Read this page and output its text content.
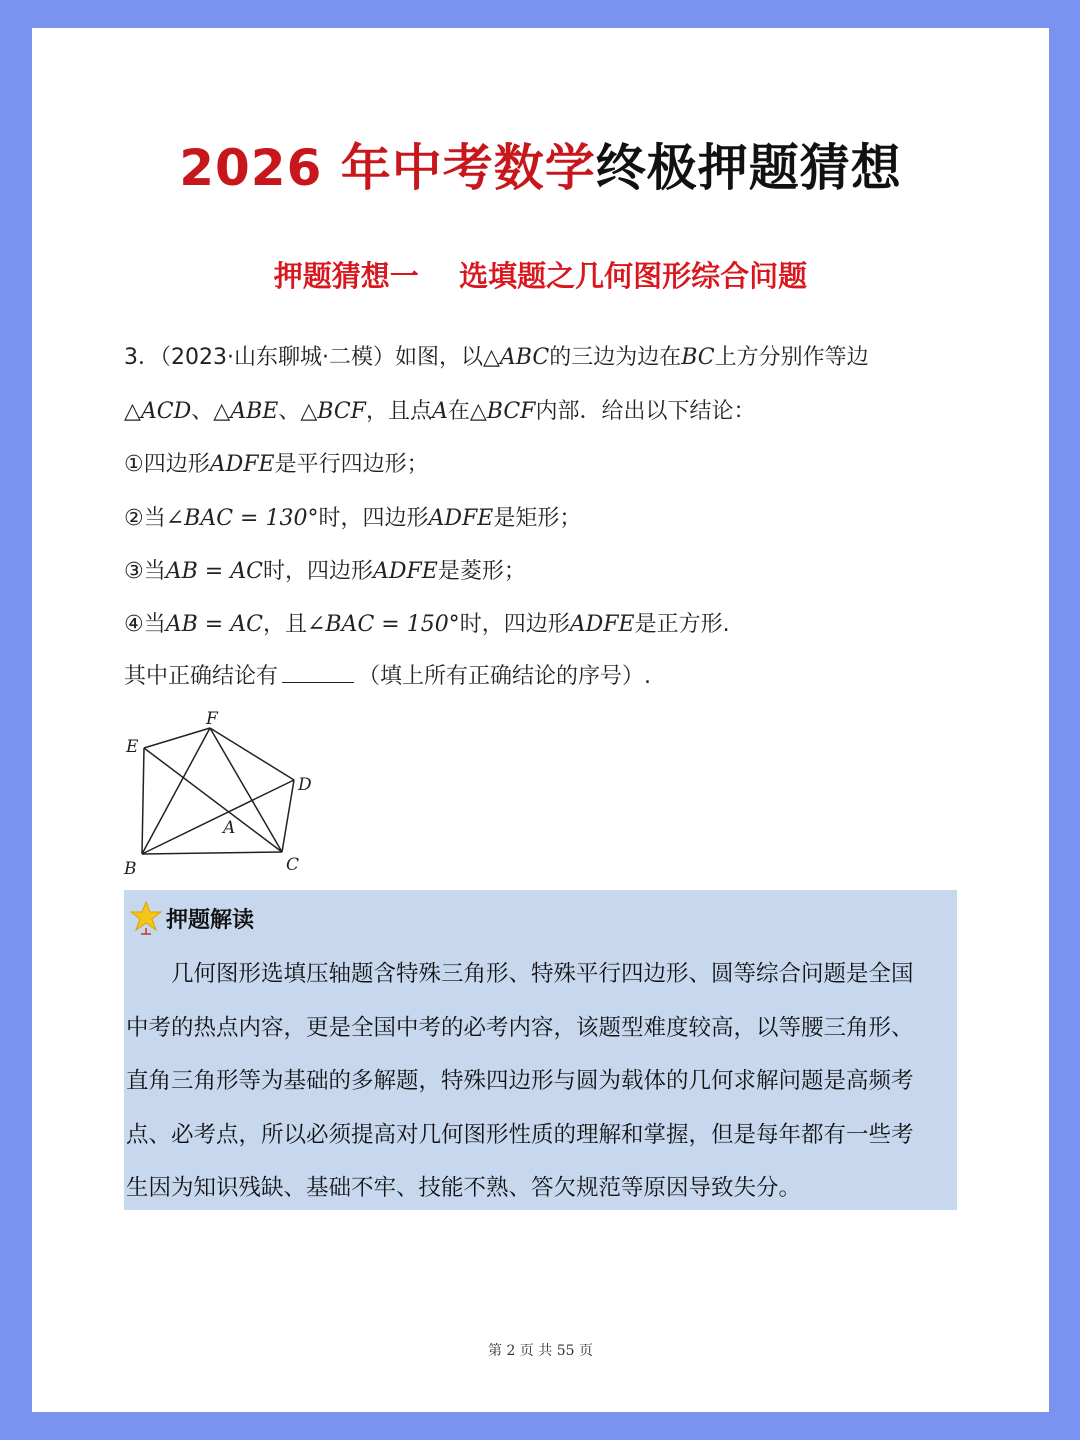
2026 年中考数学终极押题猜想
押题猜想一    选填题之几何图形综合问题
3．（2023·山东聊城·二模）如图，以△ABC的三边为边在BC上方分别作等边
△ACD、△ABE、△BCF，且点A在△BCF内部．给出以下结论：
①四边形ADFE是平行四边形；
②当∠BAC = 130°时，四边形ADFE是矩形；
③当AB = AC时，四边形ADFE是菱形；
④当AB = AC，且∠BAC = 150°时，四边形ADFE是正方形.
其中正确结论有	（填上所有正确结论的序号）.
F
E
D
A
B	C
押题解读
　　几何图形选填压轴题含特殊三角形、特殊平行四边形、圆等综合问题是全国
中考的热点内容，更是全国中考的必考内容，该题型难度较高，以等腰三角形、
直角三角形等为基础的多解题，特殊四边形与圆为载体的几何求解问题是高频考
点、必考点，所以必须提高对几何图形性质的理解和掌握，但是每年都有一些考
生因为知识残缺、基础不牢、技能不熟、答欠规范等原因导致失分。
第 2 页 共 55 页
